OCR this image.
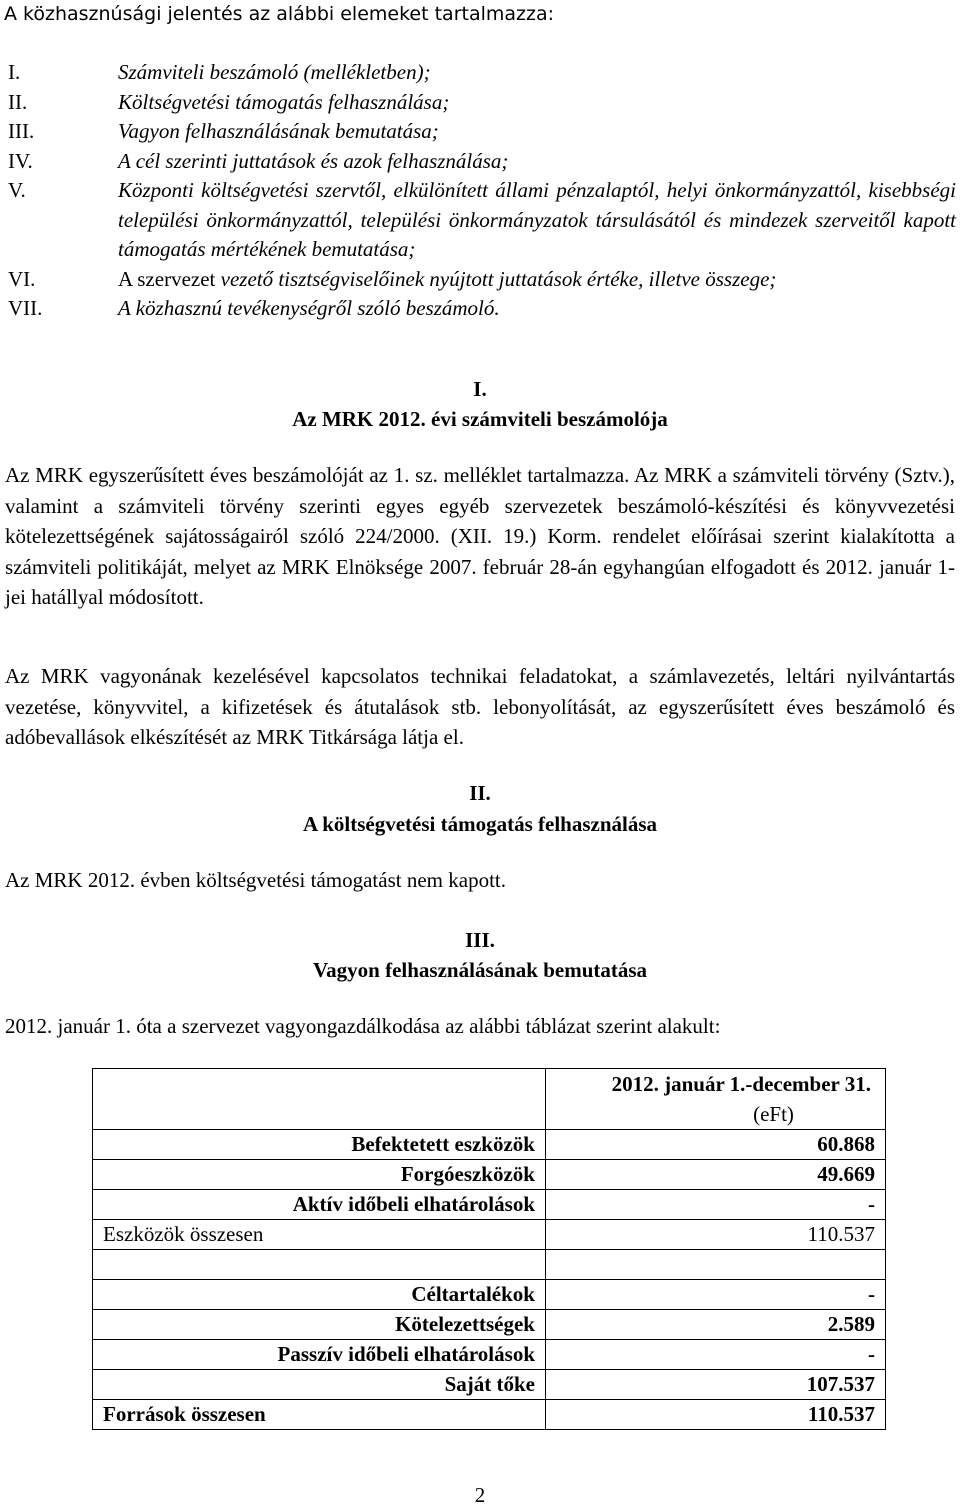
A közhasznúsági jelentés az alábbi elemeket tartalmazza:
I.	Számviteli beszámoló (mellékletben);
II.	Költségvetési támogatás felhasználása;
III.	Vagyon felhasználásának bemutatása;
IV.	A cél szerinti juttatások és azok felhasználása;
V.	Központi költségvetési szervtől, elkülönített állami pénzalaptól, helyi önkormányzattól, kisebbségi települési önkormányzattól, települési önkormányzatok társulásától és mindezek szerveitől kapott támogatás mértékének bemutatása;
VI.	A szervezet vezető tisztségviselőinek nyújtott juttatások értéke, illetve összege;
VII.	A közhasznú tevékenységről szóló beszámoló.
I.
Az MRK 2012. évi számviteli beszámolója
Az MRK egyszerűsített éves beszámolóját az 1. sz. melléklet tartalmazza. Az MRK a számviteli törvény (Sztv.), valamint a számviteli törvény szerinti egyes egyéb szervezetek beszámoló-készítési és könyvvezetési kötelezettségének sajátosságairól szóló 224/2000. (XII. 19.) Korm. rendelet előírásai szerint kialakította a számviteli politikáját, melyet az MRK Elnöksége 2007. február 28-án egyhangúan elfogadott és 2012. január 1-jei hatállyal módosított.
Az MRK vagyonának kezelésével kapcsolatos technikai feladatokat, a számlavezetés, leltári nyilvántartás vezetése, könyvvitel, a kifizetések és átutalások stb. lebonyolítását, az egyszerűsített éves beszámoló és adóbevallások elkészítését az MRK Titkársága látja el.
II.
A költségvetési támogatás felhasználása
Az MRK 2012. évben költségvetési támogatást nem kapott.
III.
Vagyon felhasználásának bemutatása
2012. január 1. óta a szervezet vagyongazdálkodása az alábbi táblázat szerint alakult:

	2012. január 1.-december 31.
(eFt)

Befektetett eszközök	60.868
Forgóeszközök	49.669
Aktív időbeli elhatárolások	-
Eszközök összesen	110.537

Céltartalékok	-
Kötelezettségek	2.589
Passzív időbeli elhatárolások	-
Saját tőke	107.537
Források összesen	110.537
2
